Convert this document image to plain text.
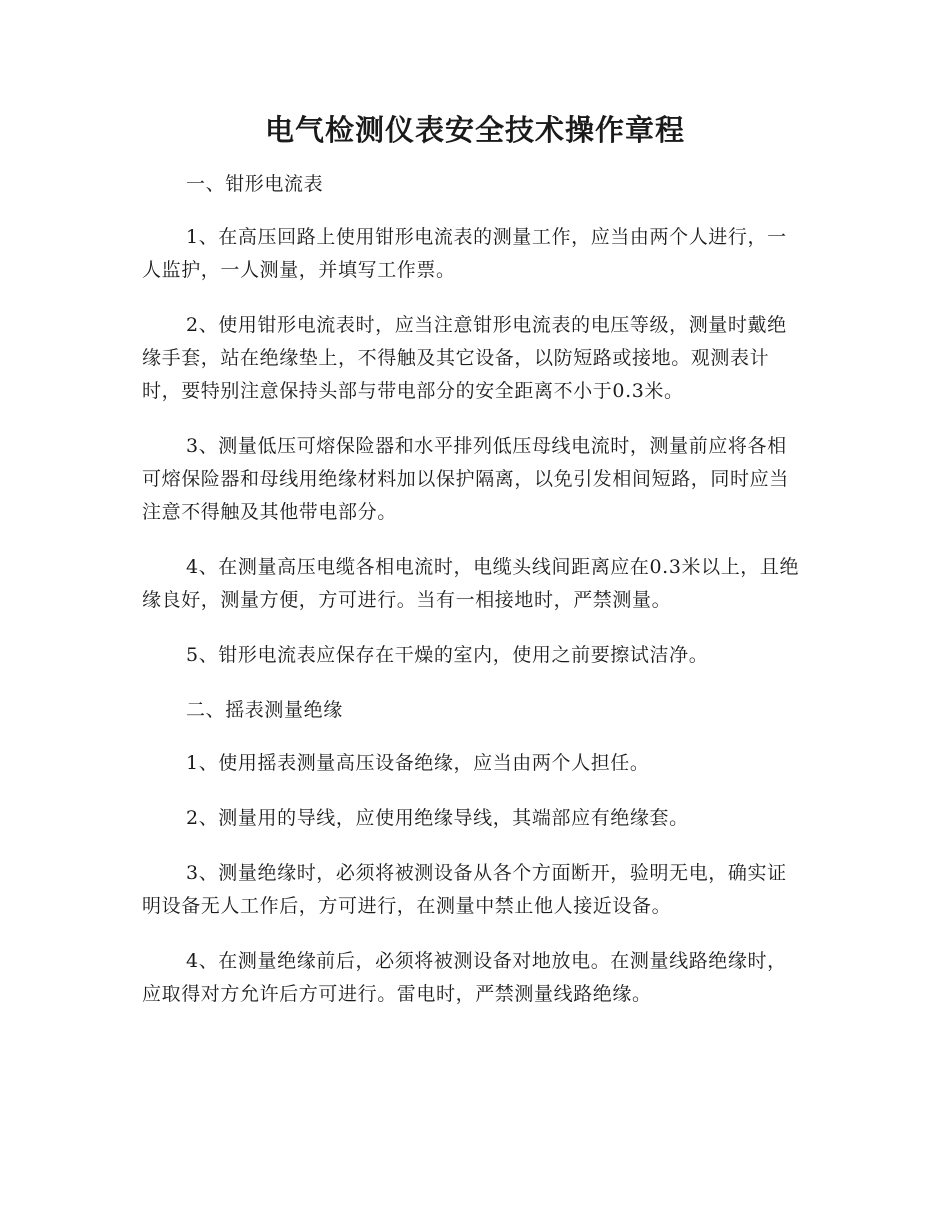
电气检测仪表安全技术操作章程

一、钳形电流表

1、在高压回路上使用钳形电流表的测量工作，应当由两个人进行，一人监护，一人测量，并填写工作票。

2、使用钳形电流表时，应当注意钳形电流表的电压等级，测量时戴绝缘手套，站在绝缘垫上，不得触及其它设备，以防短路或接地。观测表计时，要特别注意保持头部与带电部分的安全距离不小于0.3米。

3、测量低压可熔保险器和水平排列低压母线电流时，测量前应将各相可熔保险器和母线用绝缘材料加以保护隔离，以免引发相间短路，同时应当注意不得触及其他带电部分。

4、在测量高压电缆各相电流时，电缆头线间距离应在0.3米以上，且绝缘良好，测量方便，方可进行。当有一相接地时，严禁测量。

5、钳形电流表应保存在干燥的室内，使用之前要擦试洁净。

二、摇表测量绝缘

1、使用摇表测量高压设备绝缘，应当由两个人担任。

2、测量用的导线，应使用绝缘导线，其端部应有绝缘套。

3、测量绝缘时，必须将被测设备从各个方面断开，验明无电，确实证明设备无人工作后，方可进行，在测量中禁止他人接近设备。

4、在测量绝缘前后，必须将被测设备对地放电。在测量线路绝缘时，应取得对方允许后方可进行。雷电时，严禁测量线路绝缘。
